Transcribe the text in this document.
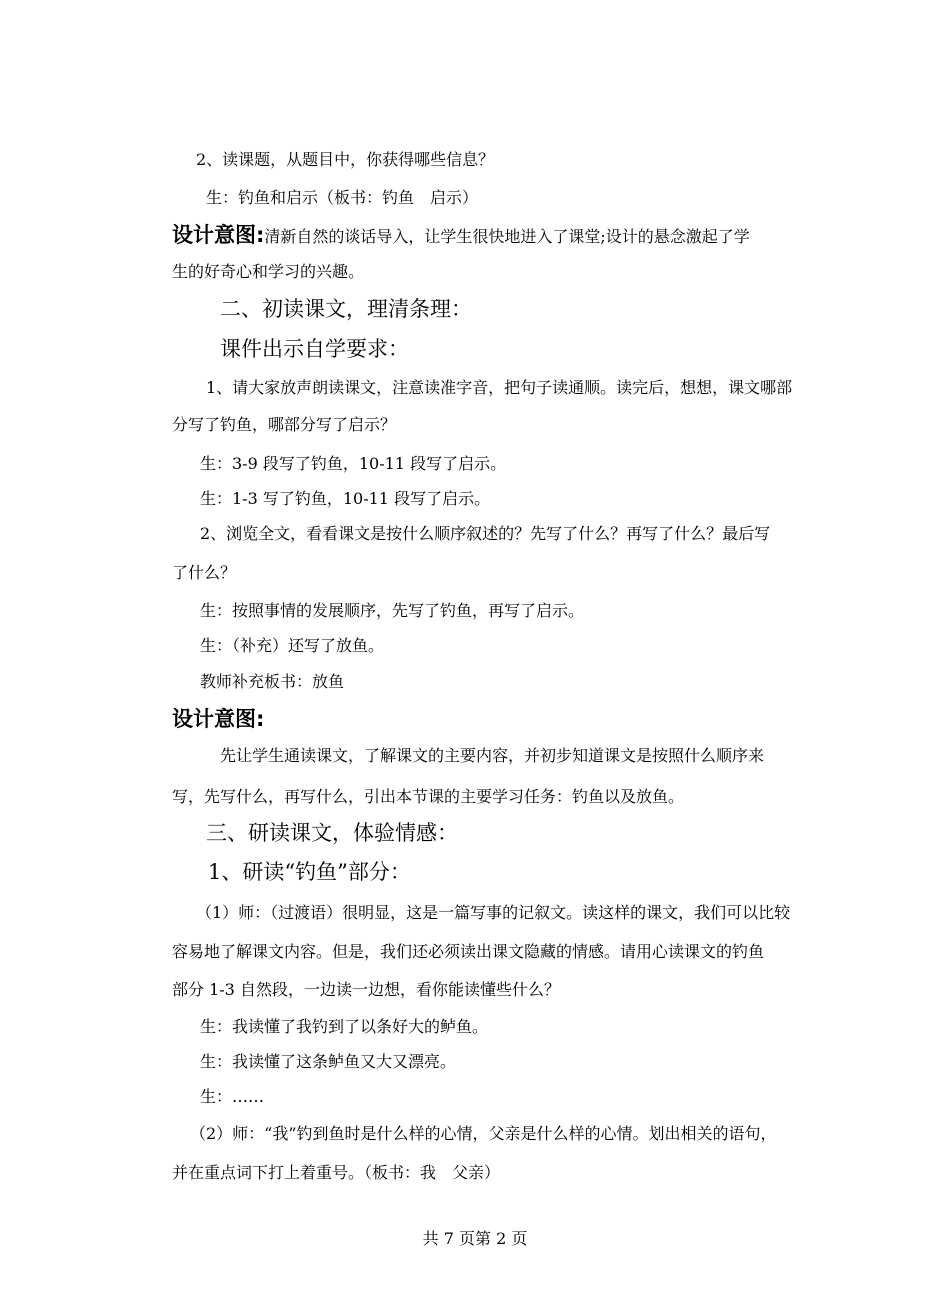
2、读课题，从题目中，你获得哪些信息？
生：钓鱼和启示（板书：钓鱼　启示）
设计意图:清新自然的谈话导入，让学生很快地进入了课堂;设计的悬念激起了学
生的好奇心和学习的兴趣。
二、初读课文，理清条理：
课件出示自学要求：
1、请大家放声朗读课文，注意读准字音，把句子读通顺。读完后，想想，课文哪部
分写了钓鱼，哪部分写了启示？
生：3-9 段写了钓鱼，10-11 段写了启示。
生：1-3 写了钓鱼，10-11 段写了启示。
2、浏览全文，看看课文是按什么顺序叙述的？先写了什么？再写了什么？最后写
了什么？
生：按照事情的发展顺序，先写了钓鱼，再写了启示。
生：（补充）还写了放鱼。
教师补充板书：放鱼
设计意图:
先让学生通读课文，了解课文的主要内容，并初步知道课文是按照什么顺序来
写，先写什么，再写什么，引出本节课的主要学习任务：钓鱼以及放鱼。
三、研读课文，体验情感：
1、研读“钓鱼”部分：
（1）师：（过渡语）很明显，这是一篇写事的记叙文。读这样的课文，我们可以比较
容易地了解课文内容。但是，我们还必须读出课文隐藏的情感。请用心读课文的钓鱼
部分 1-3 自然段，一边读一边想，看你能读懂些什么？
生：我读懂了我钓到了以条好大的鲈鱼。
生：我读懂了这条鲈鱼又大又漂亮。
生：……
（2）师：“我”钓到鱼时是什么样的心情，父亲是什么样的心情。划出相关的语句，
并在重点词下打上着重号。（板书：我　父亲）
共 7 页第 2 页
